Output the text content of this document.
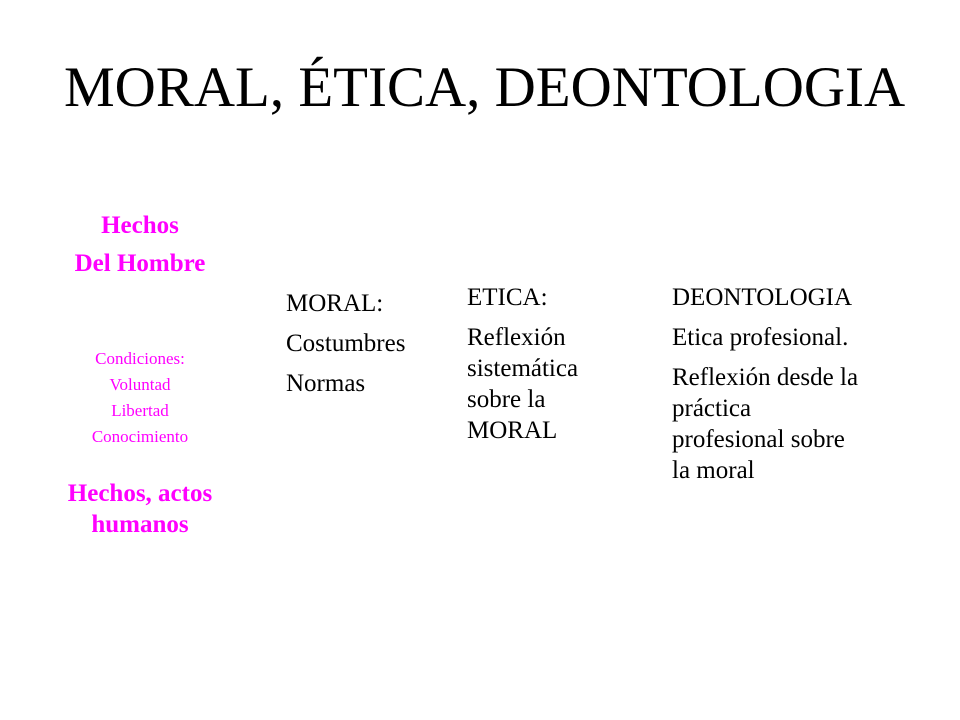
MORAL, ÉTICA, DEONTOLOGIA
Hechos
Del Hombre
Condiciones:
Voluntad
Libertad
Conocimiento
Hechos, actos
humanos
MORAL:
Costumbres
Normas
ETICA:
Reflexión
sistemática
sobre la
MORAL
DEONTOLOGIA
Etica profesional.
Reflexión desde la
práctica
profesional sobre
la moral
